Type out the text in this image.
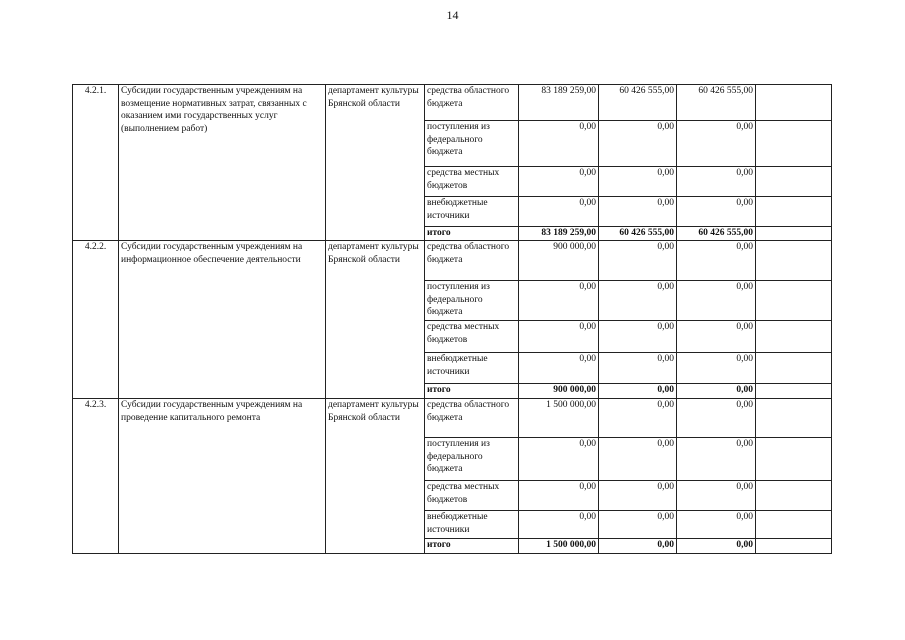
14
4.2.1.	Субсидии государственным учреждениям на возмещение нормативных затрат, связанных с оказанием ими государственных услуг (выполнением работ)	департамент культуры Брянской области	средства областного бюджета	83 189 259,00	60 426 555,00	60 426 555,00	
			поступления из федерального бюджета	0,00	0,00	0,00	
			средства местных бюджетов	0,00	0,00	0,00	
			внебюджетные источники	0,00	0,00	0,00	
			итого	83 189 259,00	60 426 555,00	60 426 555,00	
4.2.2.	Субсидии государственным учреждениям на информационное обеспечение деятельности	департамент культуры Брянской области	средства областного бюджета	900 000,00	0,00	0,00	
			поступления из федерального бюджета	0,00	0,00	0,00	
			средства местных бюджетов	0,00	0,00	0,00	
			внебюджетные источники	0,00	0,00	0,00	
			итого	900 000,00	0,00	0,00	
4.2.3.	Субсидии государственным учреждениям на проведение капитального ремонта	департамент культуры Брянской области	средства областного бюджета	1 500 000,00	0,00	0,00	
			поступления из федерального бюджета	0,00	0,00	0,00	
			средства местных бюджетов	0,00	0,00	0,00	
			внебюджетные источники	0,00	0,00	0,00	
			итого	1 500 000,00	0,00	0,00	
